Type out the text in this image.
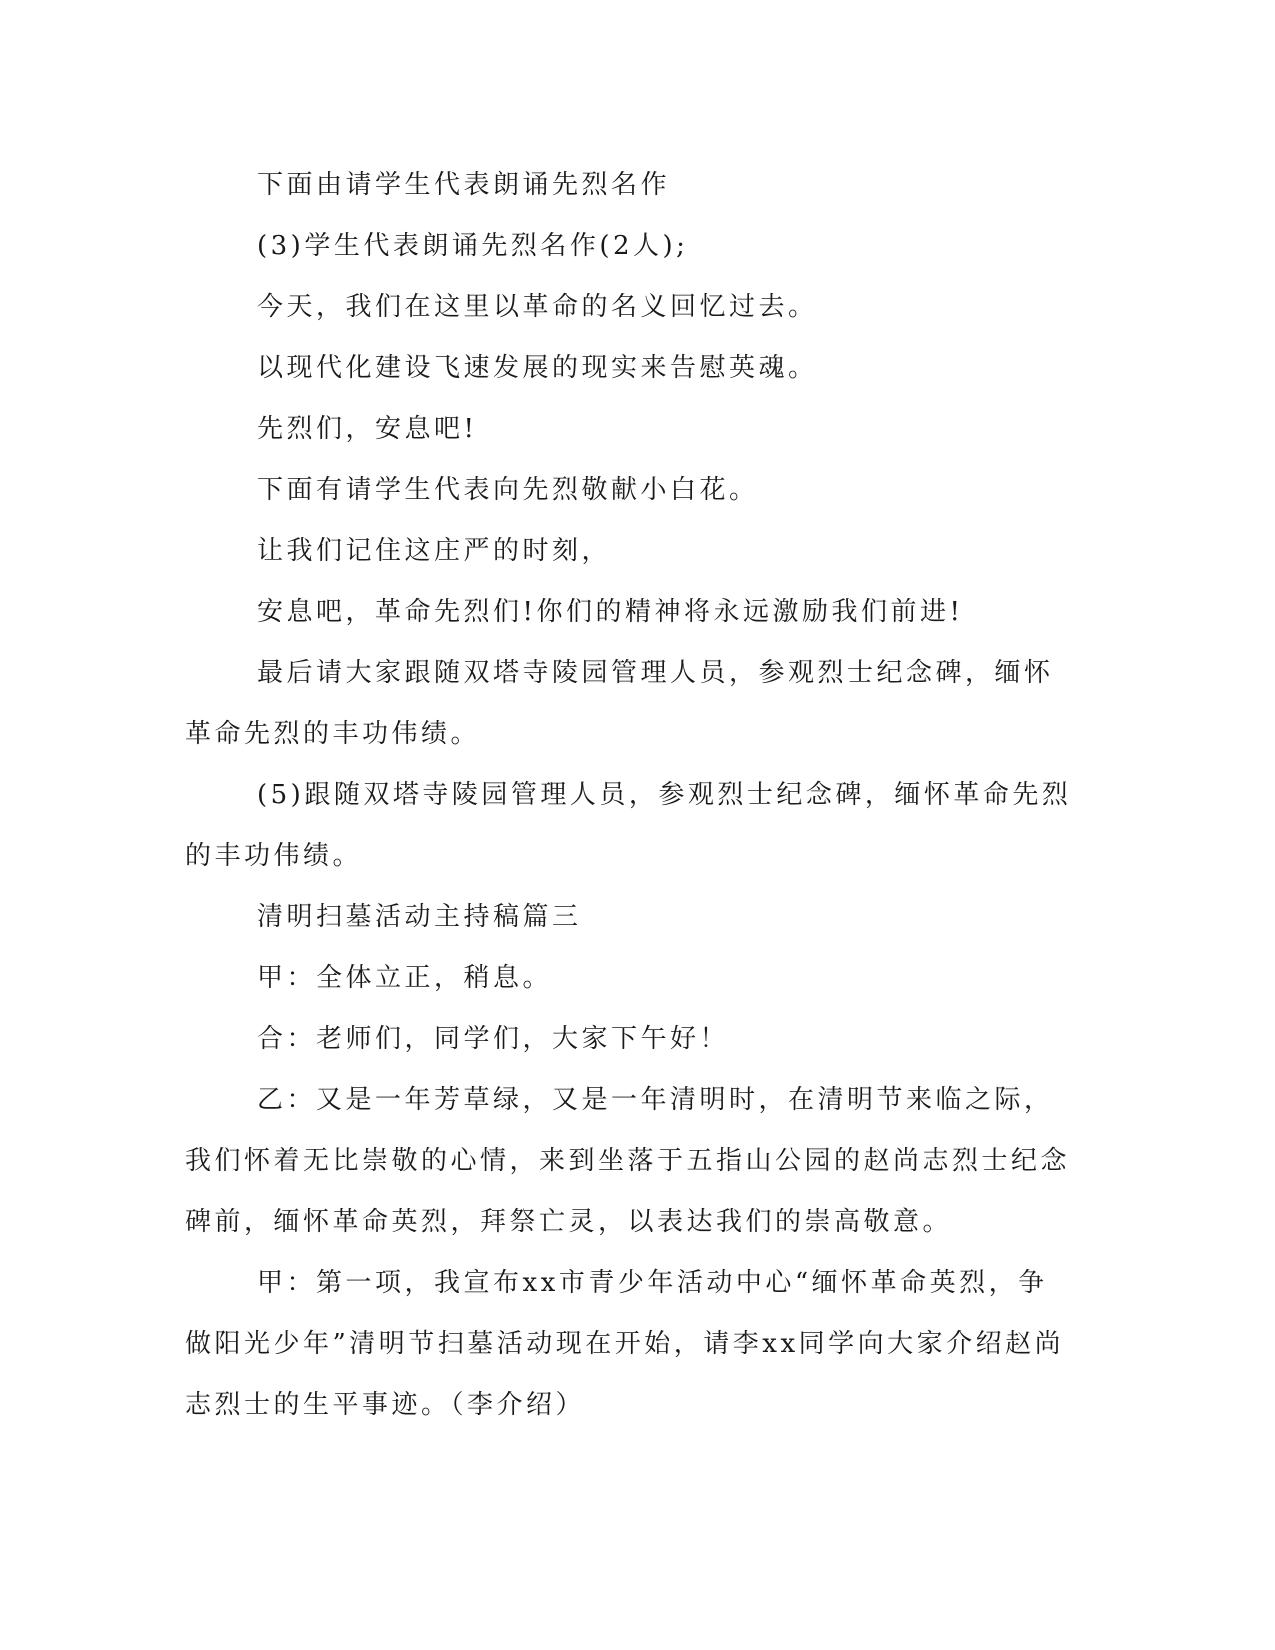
下面由请学生代表朗诵先烈名作

(3)学生代表朗诵先烈名作(2人);

今天，我们在这里以革命的名义回忆过去。

以现代化建设飞速发展的现实来告慰英魂。

先烈们，安息吧!

下面有请学生代表向先烈敬献小白花。

让我们记住这庄严的时刻，

安息吧，革命先烈们!你们的精神将永远激励我们前进!

最后请大家跟随双塔寺陵园管理人员，参观烈士纪念碑，缅怀革命先烈的丰功伟绩。

(5)跟随双塔寺陵园管理人员，参观烈士纪念碑，缅怀革命先烈的丰功伟绩。

清明扫墓活动主持稿篇三

甲：全体立正，稍息。

合：老师们，同学们，大家下午好！

乙：又是一年芳草绿，又是一年清明时，在清明节来临之际，我们怀着无比崇敬的心情，来到坐落于五指山公园的赵尚志烈士纪念碑前，缅怀革命英烈，拜祭亡灵，以表达我们的崇高敬意。

甲：第一项，我宣布xx市青少年活动中心“缅怀革命英烈，争做阳光少年”清明节扫墓活动现在开始，请李xx同学向大家介绍赵尚志烈士的生平事迹。（李介绍）
